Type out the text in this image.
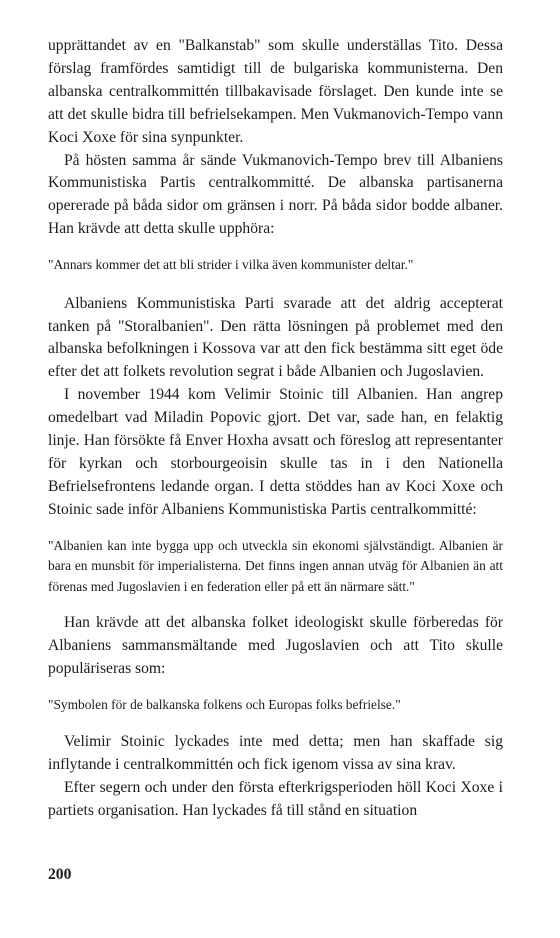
upprättandet av en "Balkanstab" som skulle underställas Tito. Dessa förslag framfördes samtidigt till de bulgariska kommunisterna. Den albanska centralkommittén tillbakavisade förslaget. Den kunde inte se att det skulle bidra till befrielsekampen. Men Vukmanovich-Tempo vann Koci Xoxe för sina synpunkter.

På hösten samma år sände Vukmanovich-Tempo brev till Albaniens Kommunistiska Partis centralkommitté. De albanska partisanerna opererade på båda sidor om gränsen i norr. På båda sidor bodde albaner. Han krävde att detta skulle upphöra:

"Annars kommer det att bli strider i vilka även kommunister deltar."

Albaniens Kommunistiska Parti svarade att det aldrig accepterat tanken på "Storalbanien". Den rätta lösningen på problemet med den albanska befolkningen i Kossova var att den fick bestämma sitt eget öde efter det att folkets revolution segrat i både Albanien och Jugoslavien.

I november 1944 kom Velimir Stoinic till Albanien. Han angrep omedelbart vad Miladin Popovic gjort. Det var, sade han, en felaktig linje. Han försökte få Enver Hoxha avsatt och föreslog att representanter för kyrkan och storbourgeoisin skulle tas in i den Nationella Befrielsefrontens ledande organ. I detta stöddes han av Koci Xoxe och Stoinic sade inför Albaniens Kommunistiska Partis centralkommitté:

"Albanien kan inte bygga upp och utveckla sin ekonomi självständigt. Albanien är bara en munsbit för imperialisterna. Det finns ingen annan utväg för Albanien än att förenas med Jugoslavien i en federation eller på ett än närmare sätt."

Han krävde att det albanska folket ideologiskt skulle förberedas för Albaniens sammansmältande med Jugoslavien och att Tito skulle populäriseras som:

"Symbolen för de balkanska folkens och Europas folks befrielse."

Velimir Stoinic lyckades inte med detta; men han skaffade sig inflytande i centralkommittén och fick igenom vissa av sina krav.

Efter segern och under den första efterkrigsperioden höll Koci Xoxe i partiets organisation. Han lyckades få till stånd en situation

200
